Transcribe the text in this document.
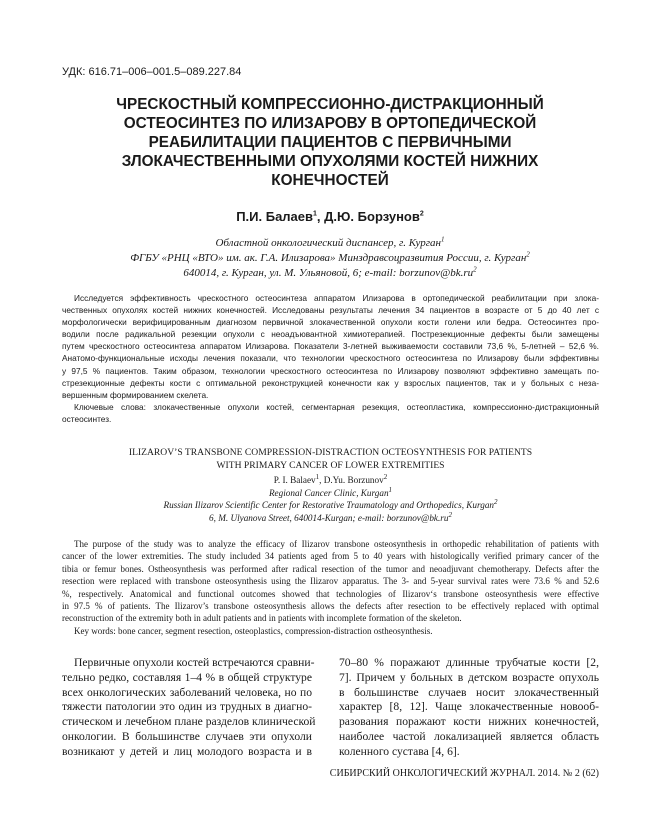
УДК: 616.71–006–001.5–089.227.84
ЧРЕСКОСТНЫЙ КОМПРЕССИОННО-ДИСТРАКЦИОННЫЙ
ОСТЕОСИНТЕЗ ПО ИЛИЗАРОВУ В ОРТОПЕДИЧЕСКОЙ
РЕАБИЛИТАЦИИ ПАЦИЕНТОВ С ПЕРВИЧНЫМИ
ЗЛОКАЧЕСТВЕННЫМИ ОПУХОЛЯМИ КОСТЕЙ НИЖНИХ
КОНЕЧНОСТЕЙ
П.И. Балаев$^1$, Д.Ю. Борзунов$^2$
Областной онкологический диспансер, г. Курган$^1$
ФГБУ «РНЦ «ВТО» им. ак. Г.А. Илизарова» Минздравсоцразвития России, г. Курган$^2$
640014, г. Курган, ул. М. Ульяновой, 6; e-mail: $borzunov@bk.ru^2$
Исследуется эффективность чрескостного остеосинтеза аппаратом Илизарова в ортопедической реабилитации при злока-
чественных опухолях костей нижних конечностей. Исследованы результаты лечения 34 пациентов в возрасте от 5 до 40 лет с
морфологически верифицированным диагнозом первичной злокачественной опухоли кости голени или бедра. Остеосинтез про-
водили после радикальной резекции опухоли с неоадъювантной химиотерапией. Пострезекционные дефекты были замещены
путем чрескостного остеосинтеза аппаратом Илизарова. Показатели 3-летней выживаемости составили 73,6 %, 5-летней – 52,6 %.
Анатомо-функциональные исходы лечения показали, что технологии чрескостного остеосинтеза по Илизарову были эффективны
у 97,5 % пациентов. Таким образом, технологии чрескостного остеосинтеза по Илизарову позволяют эффективно замещать по-
стрезекционные дефекты кости с оптимальной реконструкцией конечности как у взрослых пациентов, так и у больных с неза-
вершенным формированием скелета.
Ключевые слова: злокачественные опухоли костей, сегментарная резекция, остеопластика, компрессионно-дистракционный
остеосинтез.
ILIZAROV’S TRANSBONE COMPRESSION-DISTRACTION OCTEOSYNTHESIS FOR PATIENTS
WITH PRIMARY CANCER OF LOWER EXTREMITIES
P. I. Balaev$^1$, D.Yu. Borzunov$^2$
Regional Cancer Clinic, Kurgan$^1$
Russian Ilizarov Scientific Center for Restorative Traumatology and Orthopedics, Kurgan$^2$
6, M. Ulyanova Street, 640014-Kurgan; e-mail: $borzunov@bk.ru^2$
The purpose of the study was to analyze the efficacy of Ilizarov transbone osteosynthesis in orthopedic rehabilitation of patients with
cancer of the lower extremities. The study included 34 patients aged from 5 to 40 years with histologically verified primary cancer of the
tibia or femur bones. Ostheosynthesis was performed after radical resection of the tumor and neoadjuvant chemotherapy. Defects after the
resection were replaced with transbone osteosynthesis using the Ilizarov apparatus. The 3- and 5-year survival rates were 73.6 % and 52.6
%, respectively. Anatomical and functional outcomes showed that technologies of Ilizarov‘s transbone osteosynthesis were effective
in 97.5 % of patients. The Ilizarov’s transbone osteosynthesis allows the defects after resection to be effectively replaced with optimal
reconstruction of the extremity both in adult patients and in patients with incomplete formation of the skeleton.
Key words: bone cancer, segment resection, osteoplastics, compression-distraction ostheosynthesis.
Первичные опухоли костей встречаются сравни-
тельно редко, составляя 1–4 % в общей структуре
всех онкологических заболеваний человека, но по
тяжести патологии это один из трудных в диагно-
стическом и лечебном плане разделов клинической
онкологии. В большинстве случаев эти опухоли
возникают у детей и лиц молодого возраста и в
70–80 % поражают длинные трубчатые кости [2,
7]. Причем у больных в детском возрасте опухоль
в большинстве случаев носит злокачественный
характер [8, 12]. Чаще злокачественные новооб-
разования поражают кости нижних конечностей,
наиболее частой локализацией является область
коленного сустава [4, 6].
СИБИРСКИЙ ОНКОЛОГИЧЕСКИЙ ЖУРНАЛ. 2014. № 2 (62)
